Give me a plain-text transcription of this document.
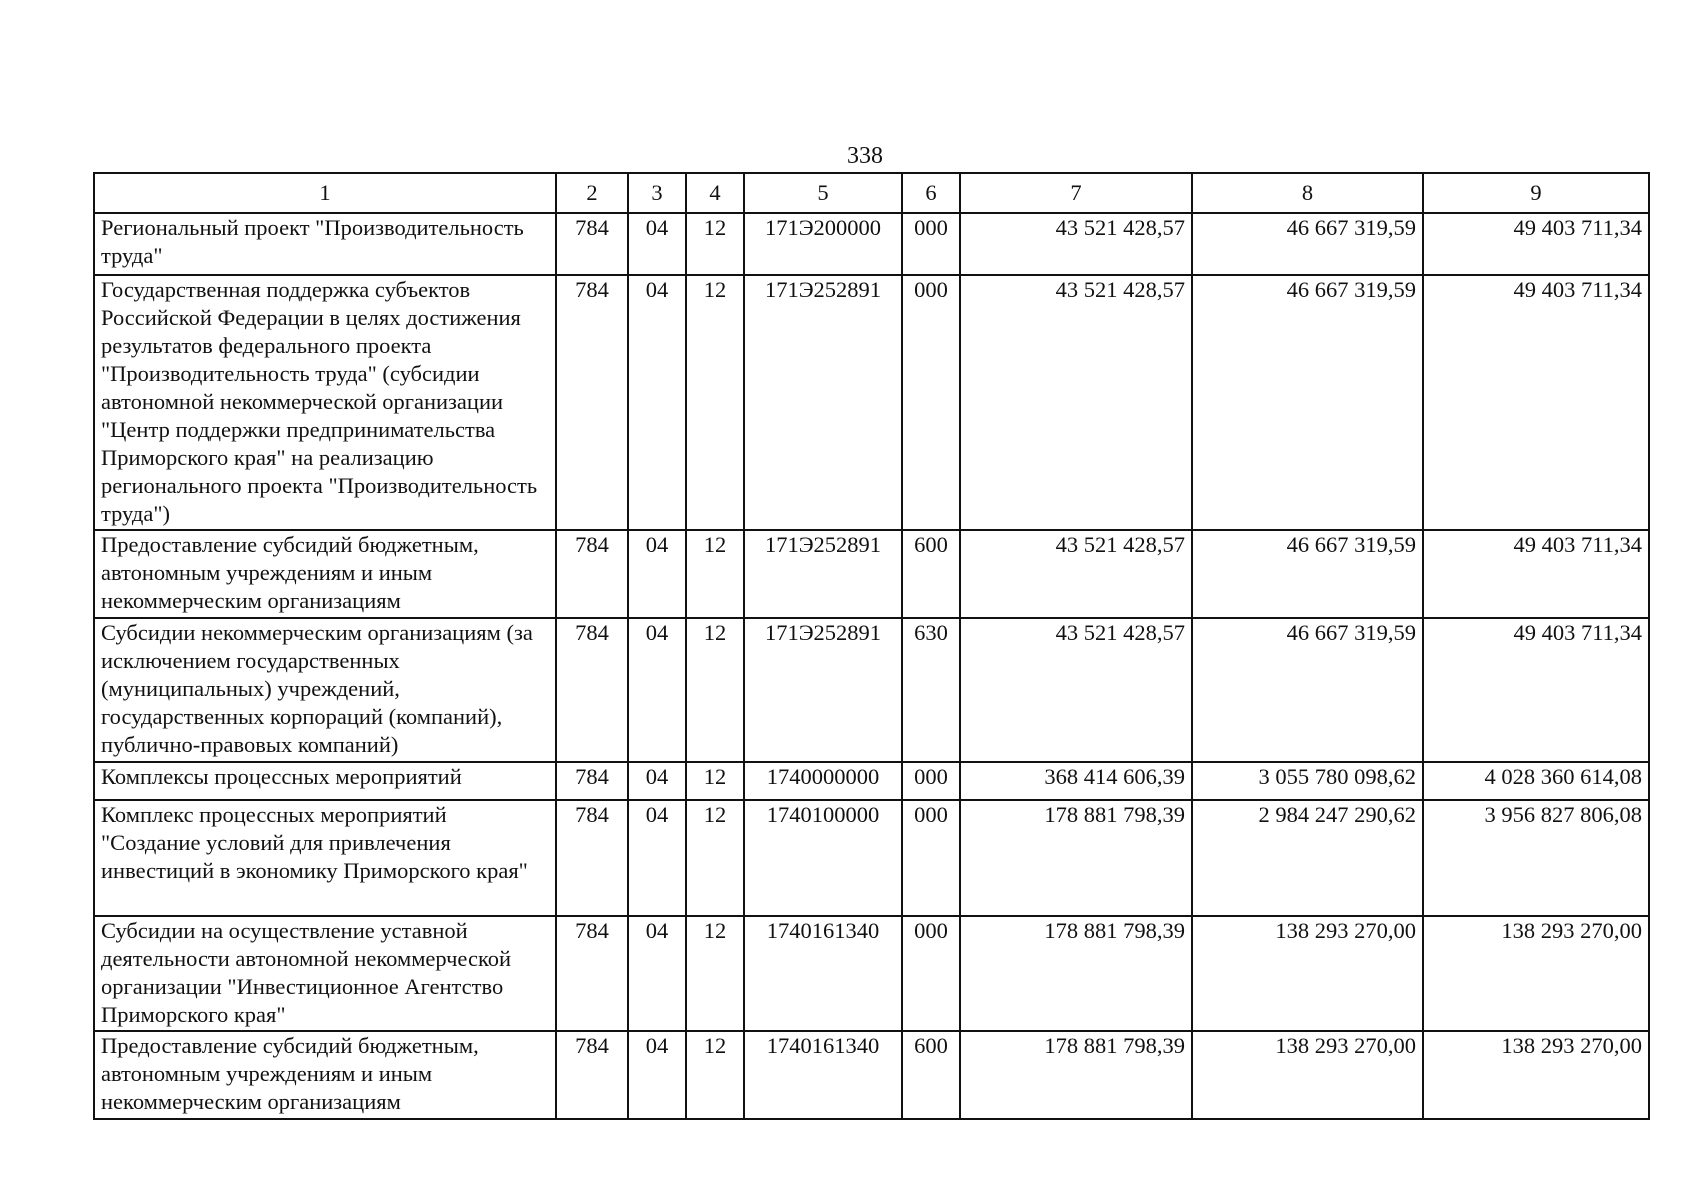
338
1	2	3	4	5	6	7	8	9
Региональный проект "Производительность труда"	784	04	12	171Э200000	000	43 521 428,57	46 667 319,59	49 403 711,34
Государственная поддержка субъектов Российской Федерации в целях достижения результатов федерального проекта "Производительность труда" (субсидии автономной некоммерческой организации "Центр поддержки предпринимательства Приморского края" на реализацию регионального проекта "Производительность труда")	784	04	12	171Э252891	000	43 521 428,57	46 667 319,59	49 403 711,34
Предоставление субсидий бюджетным, автономным учреждениям и иным некоммерческим организациям	784	04	12	171Э252891	600	43 521 428,57	46 667 319,59	49 403 711,34
Субсидии некоммерческим организациям (за исключением государственных (муниципальных) учреждений, государственных корпораций (компаний), публично-правовых компаний)	784	04	12	171Э252891	630	43 521 428,57	46 667 319,59	49 403 711,34
Комплексы процессных мероприятий	784	04	12	1740000000	000	368 414 606,39	3 055 780 098,62	4 028 360 614,08
Комплекс процессных мероприятий "Создание условий для привлечения инвестиций в экономику Приморского края"	784	04	12	1740100000	000	178 881 798,39	2 984 247 290,62	3 956 827 806,08
Субсидии на осуществление уставной деятельности автономной некоммерческой организации "Инвестиционное Агентство Приморского края"	784	04	12	1740161340	000	178 881 798,39	138 293 270,00	138 293 270,00
Предоставление субсидий бюджетным, автономным учреждениям и иным некоммерческим организациям	784	04	12	1740161340	600	178 881 798,39	138 293 270,00	138 293 270,00
